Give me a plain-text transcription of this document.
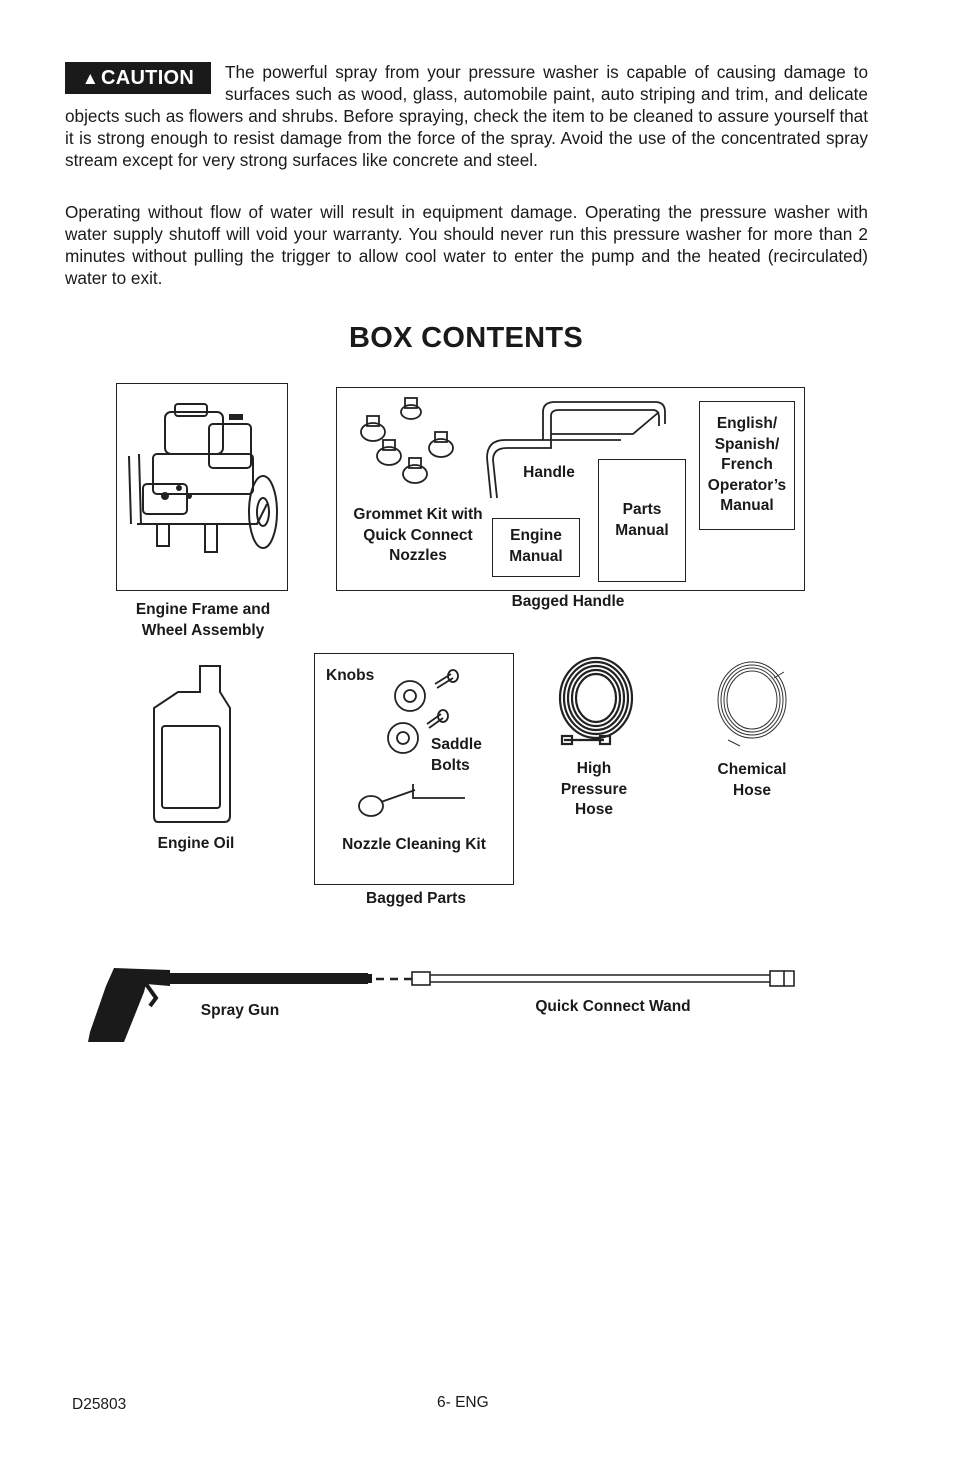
▲ CAUTION	The powerful spray from your pressure washer is capable of causing damage to surfaces such as wood, glass, automobile paint, auto striping and trim, and delicate objects such as flowers and shrubs. Before spraying, check the item to be cleaned to assure yourself that it is strong enough to resist damage from the force of the spray. Avoid the use of the concentrated spray stream except for very strong surfaces like concrete and steel.
Operating without flow of water will result in equipment damage. Operating the pressure washer with water supply shutoff will void your warranty. You should never run this pressure washer for more than 2 minutes without pulling the trigger to allow cool water to enter the pump and the heated (recirculated) water to exit.
BOX CONTENTS
Engine Frame and Wheel Assembly
Grommet Kit with Quick Connect Nozzles
Handle
Engine Manual
Parts Manual
English/ Spanish/ French Operator’s Manual
Bagged Handle
Engine Oil
Knobs
Saddle Bolts
Nozzle Cleaning Kit
Bagged Parts
High Pressure Hose
Chemical Hose
Spray Gun	Quick Connect Wand
D25803	6- ENG
